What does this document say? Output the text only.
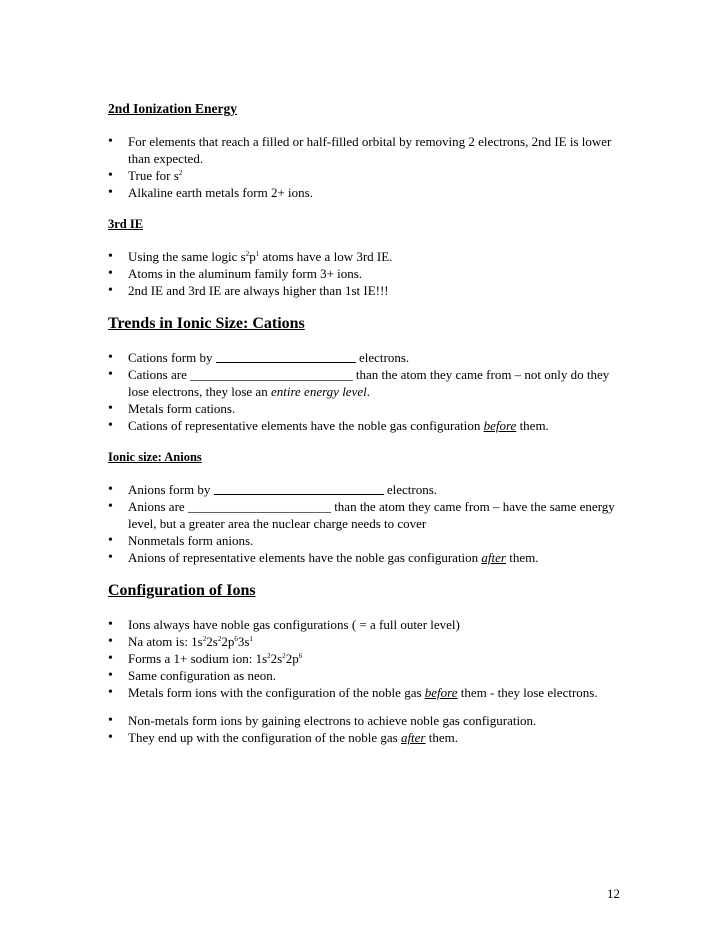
2nd Ionization Energy
• For elements that reach a filled or half-filled orbital by removing 2 electrons, 2nd IE is lower than expected.
• True for $s^2$
• Alkaline earth metals form 2+ ions.
3rd IE
• Using the same logic $s^2p^1$ atoms have a low 3rd IE.
• Atoms in the aluminum family form 3+ ions.
• 2nd IE and 3rd IE are always higher than 1st IE!!!
Trends in Ionic Size: Cations
• Cations form by	electrons.
• Cations are _________________________ than the atom they came from – not only do they lose electrons, they lose an entire energy level.
• Metals form cations.
• Cations of representative elements have the noble gas configuration before them.
Ionic size: Anions
• Anions form by	electrons.
• Anions are ______________________ than the atom they came from – have the same energy level, but a greater area the nuclear charge needs to cover
• Nonmetals form anions.
• Anions of representative elements have the noble gas configuration after them.
Configuration of Ions
• Ions always have noble gas configurations ( = a full outer level)
• Na atom is: $1s^22s^22p^63s^1$
• Forms a 1+ sodium ion: $1s^22s^22p^6$
• Same configuration as neon.
• Metals form ions with the configuration of the noble gas before them - they lose electrons.
• Non-metals form ions by gaining electrons to achieve noble gas configuration.
• They end up with the configuration of the noble gas after them.
12
